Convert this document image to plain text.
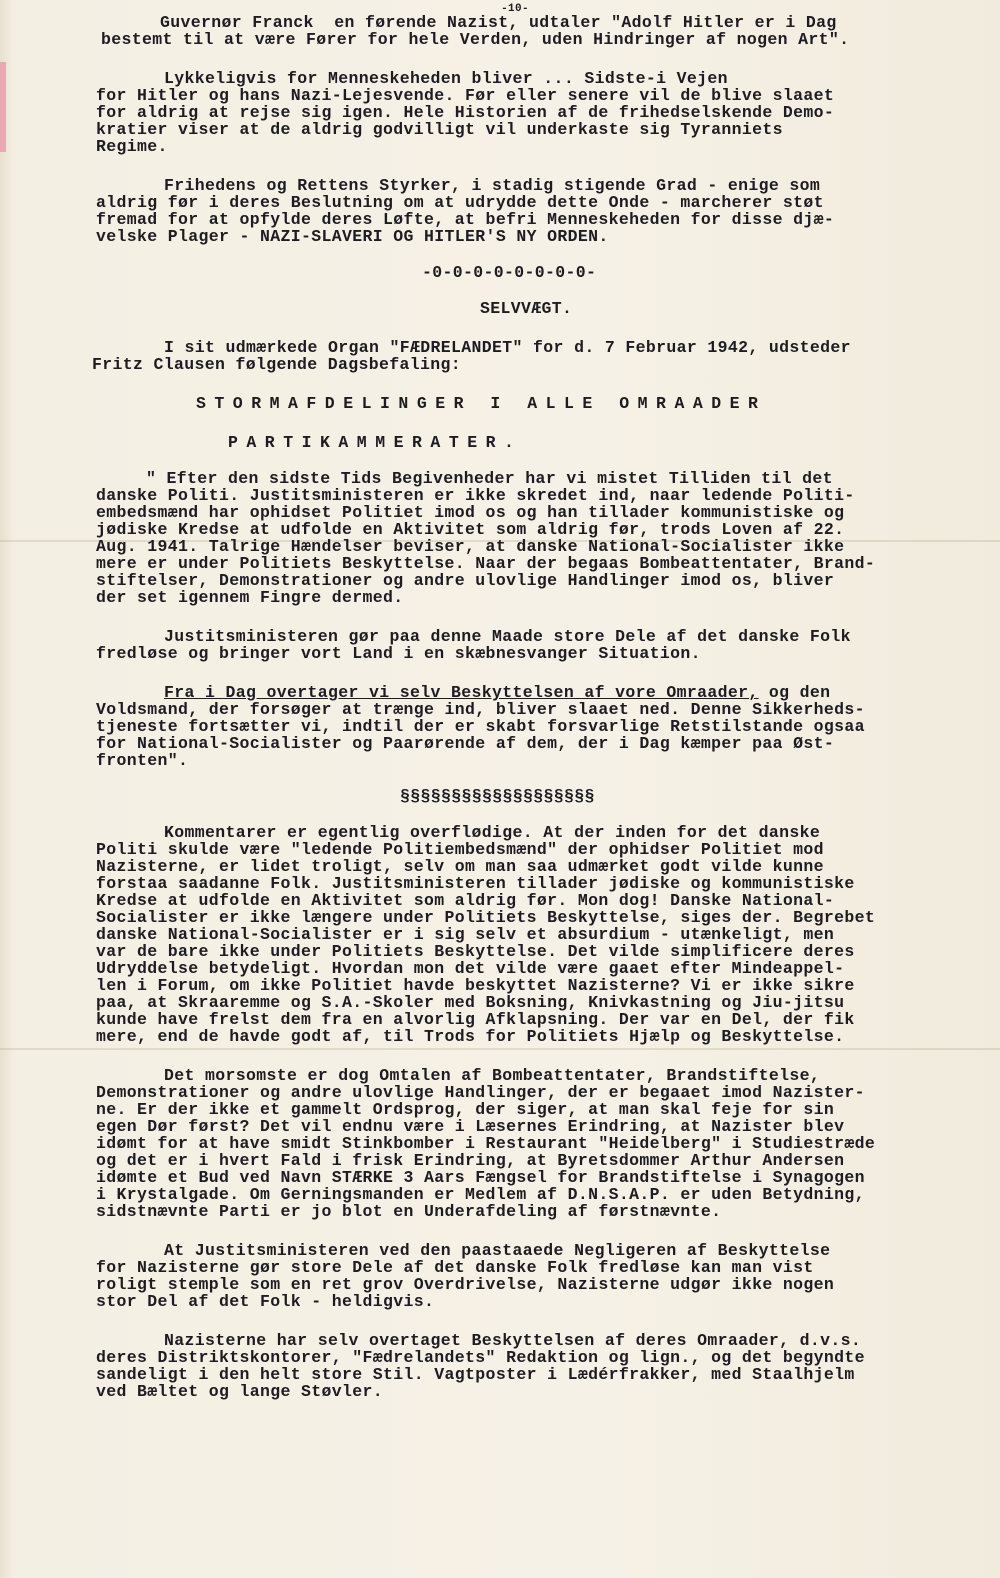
-10-
Guvernør Franck  en førende Nazist, udtaler "Adolf Hitler er i Dag
bestemt til at være Fører for hele Verden, uden Hindringer af nogen Art".
Lykkeligvis for Menneskeheden bliver ... Sidste-i Vejen
for Hitler og hans Nazi-Lejesvende. Før eller senere vil de blive slaaet
for aldrig at rejse sig igen. Hele Historien af de frihedselskende Demo-
kratier viser at de aldrig godvilligt vil underkaste sig Tyranniets
Regime.
Frihedens og Rettens Styrker, i stadig stigende Grad - enige som
aldrig før i deres Beslutning om at udrydde dette Onde - marcherer støt
fremad for at opfylde deres Løfte, at befri Menneskeheden for disse djæ-
velske Plager - NAZI-SLAVERI OG HITLER'S NY ORDEN.
-0-0-0-0-0-0-0-0-
SELVVÆGT.
I sit udmærkede Organ "FÆDRELANDET" for d. 7 Februar 1942, udsteder
Fritz Clausen følgende Dagsbefaling:
STORMAFDELINGER I ALLE OMRAADER
PARTIKAMMERATER.
" Efter den sidste Tids Begivenheder har vi mistet Tilliden til det
danske Politi. Justitsministeren er ikke skredet ind, naar ledende Politi-
embedsmænd har ophidset Politiet imod os og han tillader kommunistiske og
jødiske Kredse at udfolde en Aktivitet som aldrig før, trods Loven af 22.
Aug. 1941. Talrige Hændelser beviser, at danske National-Socialister ikke
mere er under Politiets Beskyttelse. Naar der begaas Bombeattentater, Brand-
stiftelser, Demonstrationer og andre ulovlige Handlinger imod os, bliver
der set igennem Fingre dermed.
Justitsministeren gør paa denne Maade store Dele af det danske Folk
fredløse og bringer vort Land i en skæbnesvanger Situation.
Fra i Dag overtager vi selv Beskyttelsen af vore Omraader, og den
Voldsmand, der forsøger at trænge ind, bliver slaaet ned. Denne Sikkerheds-
tjeneste fortsætter vi, indtil der er skabt forsvarlige Retstilstande ogsaa
for National-Socialister og Paarørende af dem, der i Dag kæmper paa Øst-
fronten".
§§§§§§§§§§§§§§§§§§§
Kommentarer er egentlig overflødige. At der inden for det danske
Politi skulde være "ledende Politiembedsmænd" der ophidser Politiet mod
Nazisterne, er lidet troligt, selv om man saa udmærket godt vilde kunne
forstaa saadanne Folk. Justitsministeren tillader jødiske og kommunistiske
Kredse at udfolde en Aktivitet som aldrig før. Mon dog! Danske National-
Socialister er ikke længere under Politiets Beskyttelse, siges der. Begrebet
danske National-Socialister er i sig selv et absurdium - utænkeligt, men
var de bare ikke under Politiets Beskyttelse. Det vilde simplificere deres
Udryddelse betydeligt. Hvordan mon det vilde være gaaet efter Mindeappel-
len i Forum, om ikke Politiet havde beskyttet Nazisterne? Vi er ikke sikre
paa, at Skraaremme og S.A.-Skoler med Boksning, Knivkastning og Jiu-jitsu
kunde have frelst dem fra en alvorlig Afklapsning. Der var en Del, der fik
mere, end de havde godt af, til Trods for Politiets Hjælp og Beskyttelse.
Det morsomste er dog Omtalen af Bombeattentater, Brandstiftelse,
Demonstrationer og andre ulovlige Handlinger, der er begaaet imod Nazister-
ne. Er der ikke et gammelt Ordsprog, der siger, at man skal feje for sin
egen Dør først? Det vil endnu være i Læsernes Erindring, at Nazister blev
idømt for at have smidt Stinkbomber i Restaurant "Heidelberg" i Studiestræde
og det er i hvert Fald i frisk Erindring, at Byretsdommer Arthur Andersen
idømte et Bud ved Navn STÆRKE 3 Aars Fængsel for Brandstiftelse i Synagogen
i Krystalgade. Om Gerningsmanden er Medlem af D.N.S.A.P. er uden Betydning,
sidstnævnte Parti er jo blot en Underafdeling af førstnævnte.
At Justitsministeren ved den paastaaede Negligeren af Beskyttelse
for Nazisterne gør store Dele af det danske Folk fredløse kan man vist
roligt stemple som en ret grov Overdrivelse, Nazisterne udgør ikke nogen
stor Del af det Folk - heldigvis.
Nazisterne har selv overtaget Beskyttelsen af deres Omraader, d.v.s.
deres Distriktskontorer, "Fædrelandets" Redaktion og lign., og det begyndte
sandeligt i den helt store Stil. Vagtposter i Lædérfrakker, med Staalhjelm
ved Bæltet og lange Støvler.
